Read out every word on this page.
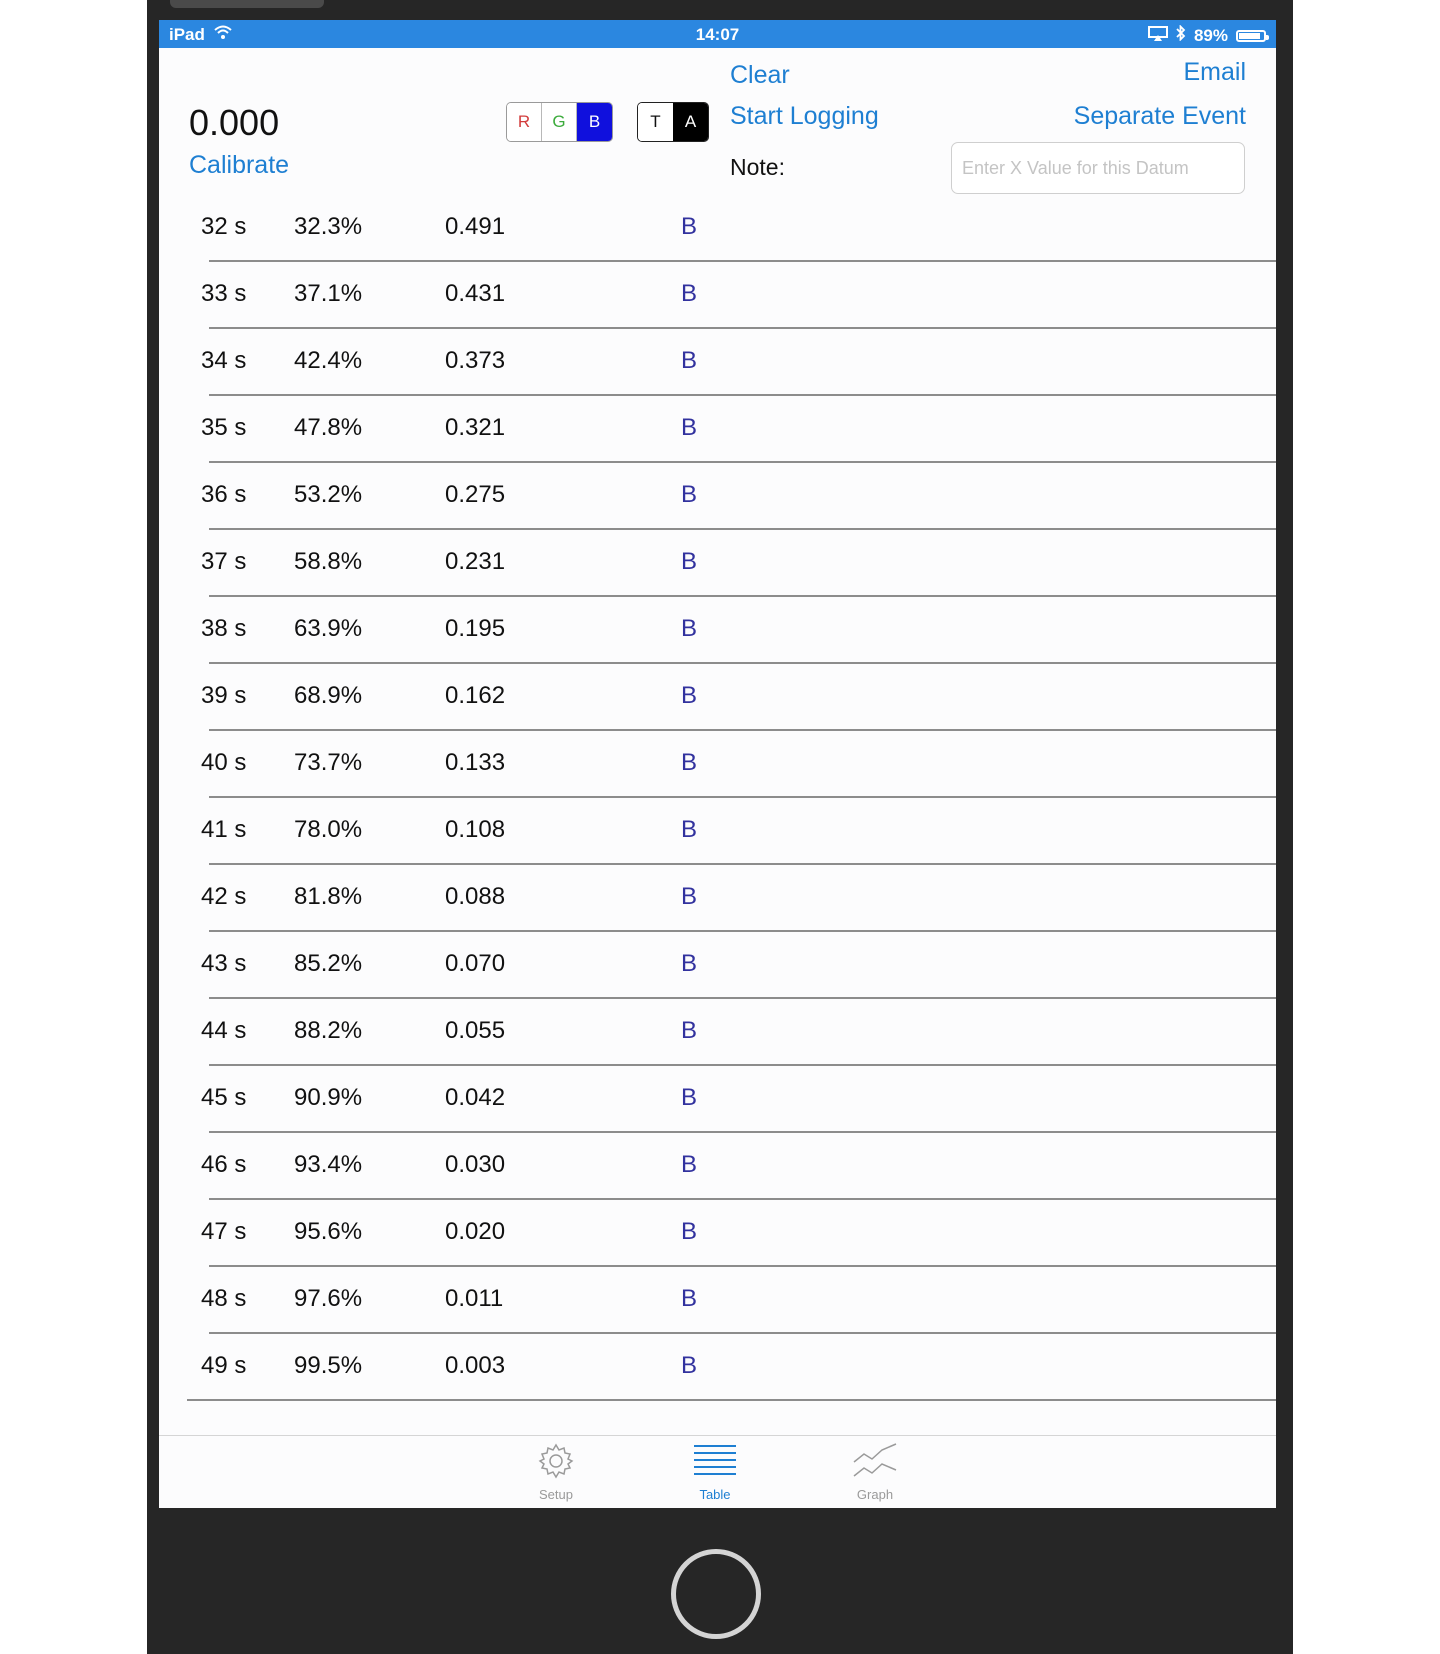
iPad	14:07	89%
0.000
Calibrate
R	G	B	T	A
Clear
Start Logging
Email
Separate Event
Note:
Enter X Value for this Datum
32 s 32.3%	0.491	B
33 s 37.1%	0.431	B
34 s 42.4%	0.373	B
35 s 47.8%	0.321	B
36 s 53.2%	0.275	B
37 s 58.8%	0.231	B
38 s 63.9%	0.195	B
39 s 68.9%	0.162	B
40 s 73.7%	0.133	B
41 s 78.0%	0.108	B
42 s 81.8%	0.088	B
43 s 85.2%	0.070	B
44 s 88.2%	0.055	B
45 s 90.9%	0.042	B
46 s 93.4%	0.030	B
47 s 95.6%	0.020	B
48 s 97.6%	0.011	B
49 s 99.5%	0.003	B
Setup	Table	Graph
